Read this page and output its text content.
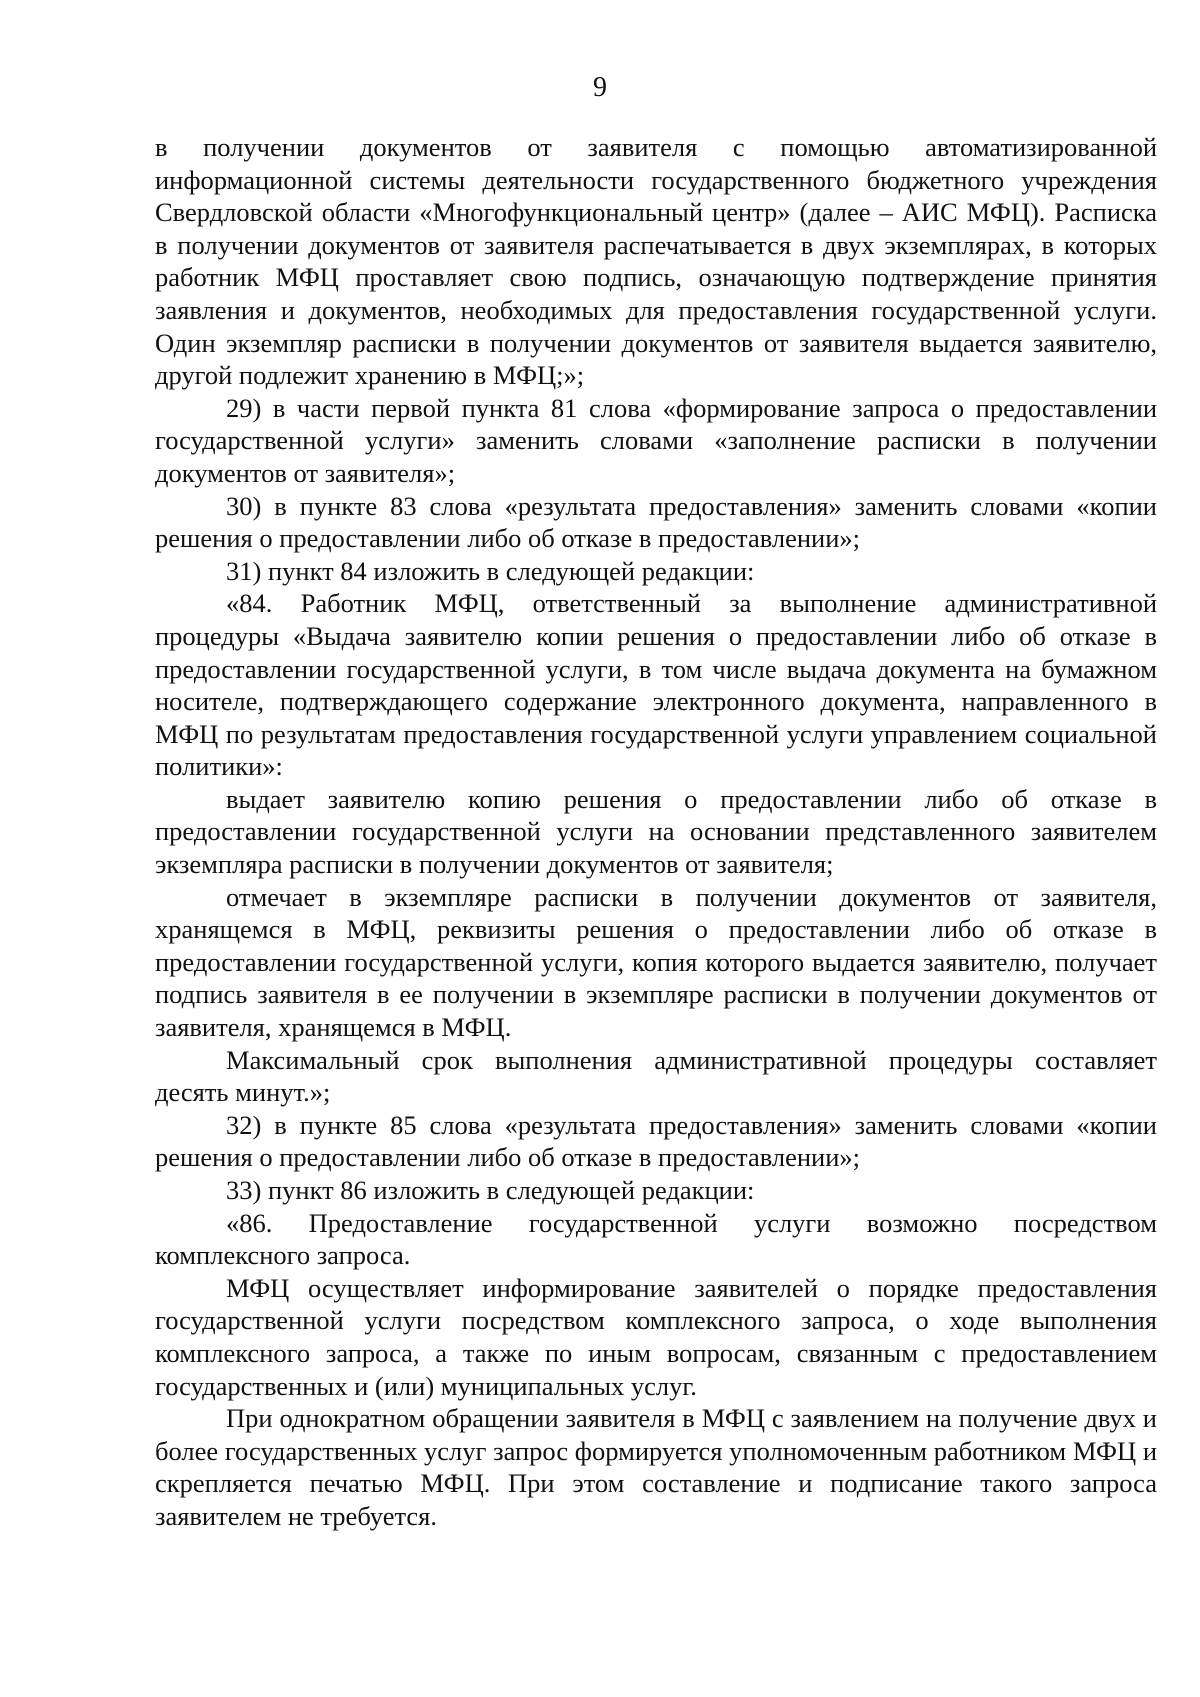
9

в получении документов от заявителя с помощью автоматизированной информационной системы деятельности государственного бюджетного учреждения Свердловской области «Многофункциональный центр» (далее – АИС МФЦ). Расписка в получении документов от заявителя распечатывается в двух экземплярах, в которых работник МФЦ проставляет свою подпись, означающую подтверждение принятия заявления и документов, необходимых для предоставления государственной услуги. Один экземпляр расписки в получении документов от заявителя выдается заявителю, другой подлежит хранению в МФЦ;»;

29) в части первой пункта 81 слова «формирование запроса о предоставлении государственной услуги» заменить словами «заполнение расписки в получении документов от заявителя»;

30) в пункте 83 слова «результата предоставления» заменить словами «копии решения о предоставлении либо об отказе в предоставлении»;

31) пункт 84 изложить в следующей редакции:

«84. Работник МФЦ, ответственный за выполнение административной процедуры «Выдача заявителю копии решения о предоставлении либо об отказе в предоставлении государственной услуги, в том числе выдача документа на бумажном носителе, подтверждающего содержание электронного документа, направленного в МФЦ по результатам предоставления государственной услуги управлением социальной политики»:

выдает заявителю копию решения о предоставлении либо об отказе в предоставлении государственной услуги на основании представленного заявителем экземпляра расписки в получении документов от заявителя;

отмечает в экземпляре расписки в получении документов от заявителя, хранящемся в МФЦ, реквизиты решения о предоставлении либо об отказе в предоставлении государственной услуги, копия которого выдается заявителю, получает подпись заявителя в ее получении в экземпляре расписки в получении документов от заявителя, хранящемся в МФЦ.

Максимальный срок выполнения административной процедуры составляет десять минут.»;

32) в пункте 85 слова «результата предоставления» заменить словами «копии решения о предоставлении либо об отказе в предоставлении»;

33) пункт 86 изложить в следующей редакции:

«86. Предоставление государственной услуги возможно посредством комплексного запроса.

МФЦ осуществляет информирование заявителей о порядке предоставления государственной услуги посредством комплексного запроса, о ходе выполнения комплексного запроса, а также по иным вопросам, связанным с предоставлением государственных и (или) муниципальных услуг.

При однократном обращении заявителя в МФЦ с заявлением на получение двух и более государственных услуг запрос формируется уполномоченным работником МФЦ и скрепляется печатью МФЦ. При этом составление и подписание такого запроса заявителем не требуется.
